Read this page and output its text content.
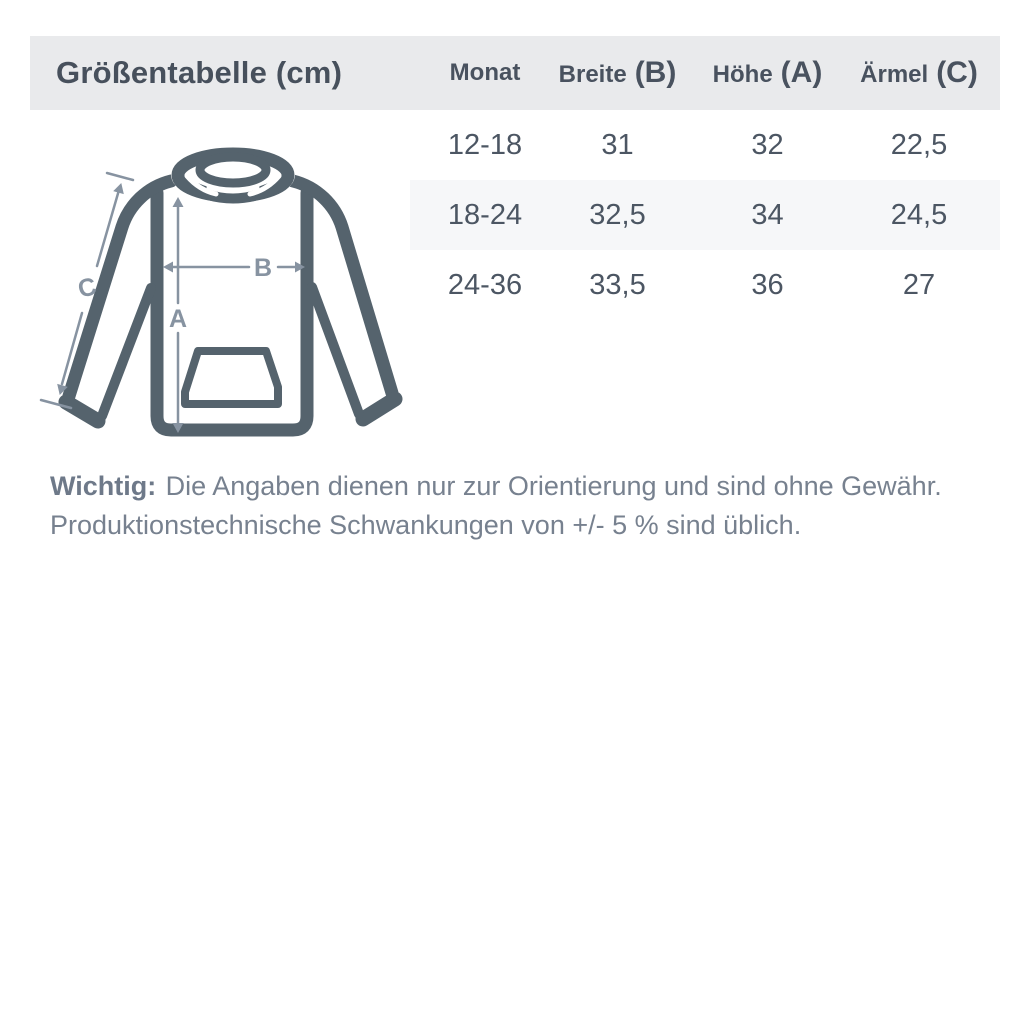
Größentabelle (cm)	Monat Breite (B) Höhe (A) Ärmel (C)
12-18	31	32	22,5
18-24 32,5	34	24,5
24-36 33,5	36	27
A
B
C
Wichtig: Die Angaben dienen nur zur Orientierung und sind ohne Gewähr.
Produktionstechnische Schwankungen von +/- 5 % sind üblich.
